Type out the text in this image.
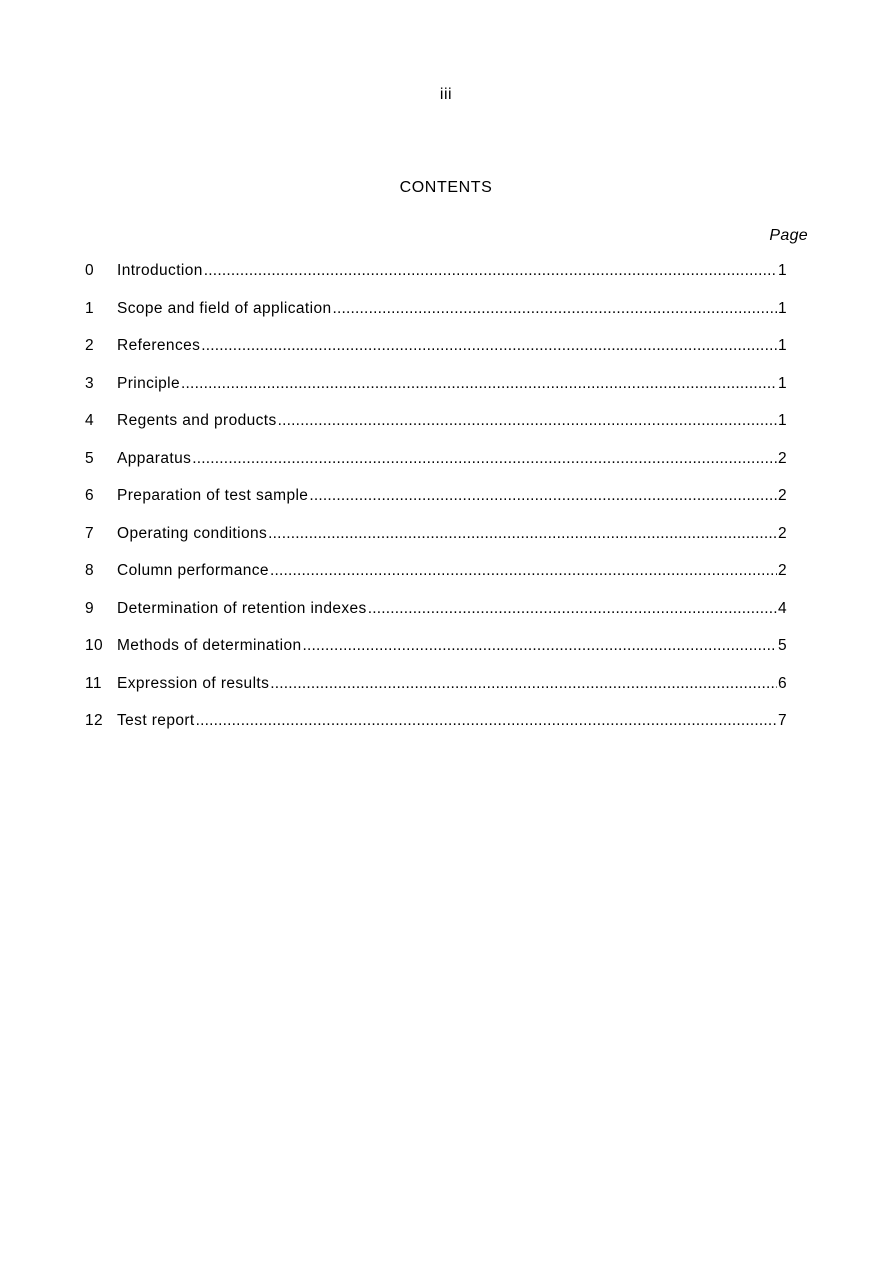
iii
CONTENTS
Page
0	Introduction .....	1
1	Scope and field of application .....	1
2	References .....	1
3	Principle .....	1
4	Regents and products .....	1
5	Apparatus .....	2
6	Preparation of test sample .....	2
7	Operating conditions .....	2
8	Column performance .....	2
9	Determination of retention indexes .....	4
10 Methods of determination .....	5
11 Expression of results .....	6
12 Test report .....	7
